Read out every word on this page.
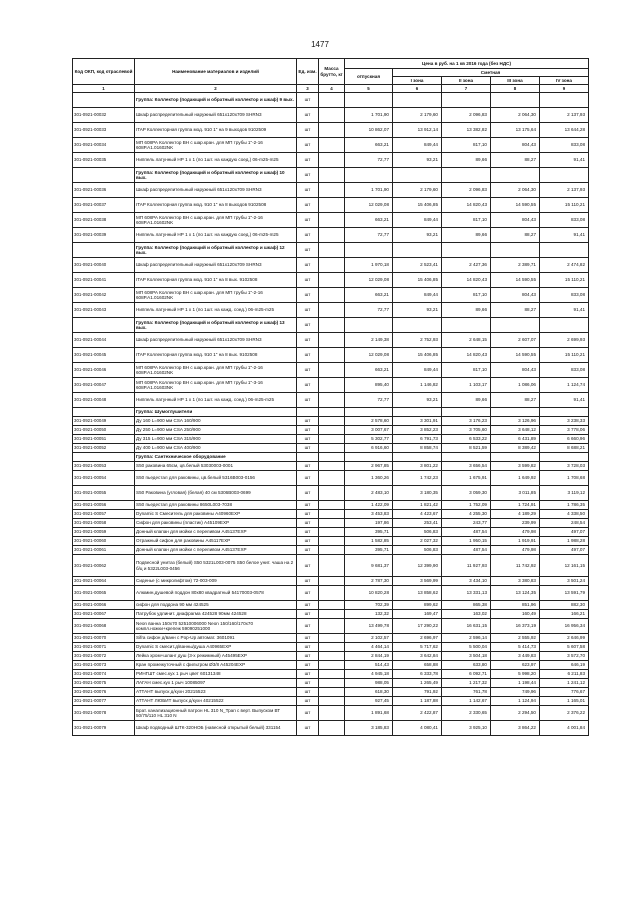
1477
Код ОКП, код отраслевой	Наименование материалов и изделий	Ед. изм.	Масса брутто, кг	Цена в руб. на 1 кв 2016 года (без НДС)				
				отпускная	Сметная			
					I зона	II зона	III зона	IV зона
1	2	3	4	5	6	7	8	9
	Группа: Коллектор (подающий и обратный коллектор и шкаф) 9 вых.	шт						
301-0921-00032	Шкаф распределительный наружный 651х120х709 SHRN3	шт		1 701,90	2 179,60	2 096,83	2 064,30	2 137,93
301-0921-00033	ITAP Коллекторная группа мод. 910 1" на 9 выходов 9102509	шт		10 862,07	13 912,14	13 382,82	13 175,64	13 644,28
301-0921-00034	МП 608РА Коллектор ВН с шар.кран. для МП трубы 1"-2-16 608Р.А1.01602NK	шт		663,21	849,44	817,10	804,43	833,08
301-0921-00035	Ниппель латунный НР 1 х 1 (по 1шт. на каждую соед.) 06-m25-m25	шт		72,77	93,21	89,66	88,27	91,41
	Группа: Коллектор (подающий и обратный коллектор и шкаф) 10 вых.	шт						
301-0921-00036	Шкаф распределительный наружный 651х120х709 SHRN3	шт		1 701,90	2 179,60	2 096,83	2 064,30	2 137,93
301-0921-00037	ITAP Коллекторная группа мод. 910 1" на 8 выходов 9102508	шт		12 029,08	15 406,85	14 820,43	14 590,55	15 110,21
301-0921-00038	МП 608РА Коллектор ВН с шар.кран. для МП трубы 1"-2-16 608Р.А1.01602NK	шт		663,21	849,44	817,10	804,43	833,08
301-0921-00039	Ниппель латунный НР 1 х 1 (по 1шт. на каждую соед.) 06-m25-m25	шт		72,77	93,21	89,66	88,27	91,41
	Группа: Коллектор (подающий и обратный коллектор и шкаф) 12 вых.	шт						
301-0921-00040	Шкаф распределительный наружный 651х120х709 SHRN3	шт		1 970,18	2 523,41	2 427,36	2 389,71	2 474,82
301-0921-00041	ITAP Коллекторная группа мод. 910 1" на 8 вых. 9102508	шт		12 029,08	15 406,85	14 820,43	14 590,55	15 110,21
301-0921-00042	МП 608РА Коллектор ВН с шар.кран. для МП трубы 1"-2-16 608Р.А1.01602NK	шт		663,21	849,44	817,10	804,43	833,08
301-0921-00043	Ниппель латунный НР 1 х 1 (по 1шт. на кажд. соед.) 06-m25-m25	шт		72,77	93,21	89,66	88,27	91,41
	Группа: Коллектор (подающий и обратный коллектор и шкаф) 13 вых.	шт						
301-0921-00044	Шкаф распределительный наружный 651х120х709 SHRN3	шт		2 149,38	2 752,93	2 648,15	2 607,07	2 699,93
301-0921-00045	ITAP Коллекторная группа мод. 910 1" на 8 вых. 9102508	шт		12 029,08	15 406,85	14 820,43	14 590,55	15 110,21
301-0921-00046	МП 608РА Коллектор ВН с шар.кран. для МП трубы 1"-2-16 608Р.А1.01602NK	шт		663,21	849,44	817,10	804,43	833,08
301-0921-00047	МП 608РА Коллектор ВН с шар.кран. для МП трубы 1"-3-16 608Р.А1.01603NK	шт		895,40	1 146,82	1 103,17	1 086,06	1 124,74
301-0921-00048	Ниппель латунный НР 1 х 1 (по 1шт. на кажд. соед.) 06-m25-m25	шт		72,77	93,21	89,66	88,27	91,41
	Группа: Шумоглушители							
301-0921-00049	Ду 160 L=900 мм CSA 160/900	шт		2 578,60	3 301,91	3 176,23	3 126,96	3 238,33
301-0921-00050	Ду 250 L=900 мм CSA 250/900	шт		3 007,67	3 852,23	3 705,60	3 648,12	3 778,06
301-0921-00051	Ду 315 L=900 мм CSA 315/900	шт		5 302,77	6 791,73	6 533,22	6 431,89	6 660,96
301-0921-00052	Ду 400 L=900 мм CSA 400/900	шт		6 916,60	8 858,74	8 521,59	8 389,42	8 688,21
	Группа: Сантехническое оборудование							
301-0921-00053	S50 раковина 65см, цв.белый 53030003-0001	шт		2 967,85	3 801,22	3 656,54	3 599,82	3 728,03
301-0921-00054	S50 пьедестал для раковины, цв.белый 5316В003-0156	шт		1 360,26	1 742,23	1 675,91	1 649,92	1 708,68
301-0921-00055	S50 Раковина (угловая) (белая) 40 см 5306В003-0699	шт		2 483,10	3 180,35	3 059,30	3 011,85	3 119,12
301-0921-00056	S50 пьедестал для раковины 8650L003-7038	шт		1 422,09	1 821,42	1 752,09	1 724,91	1 786,35
301-0921-00057	Dynamic S Смеситель для раковины A40960EXP	шт		3 453,83	4 423,67	4 255,30	4 189,29	4 338,50
301-0921-00058	Сифон для раковины (пластик) A45109EXP	шт		197,86	253,41	243,77	239,99	248,54
301-0921-00059	Донный клапан для мойки с переливом A45137EXP	шт		395,71	506,83	487,54	479,98	497,07
301-0921-00060	Отражный сифон для раковины A45117EXP	шт		1 582,85	2 027,32	1 950,15	1 919,91	1 988,28
301-0921-00061	Донный клапан для мойки с переливом A45137EXP	шт		395,71	506,83	487,54	479,98	497,07
301-0921-00062	Подвесной унитаз (белый) S50 5321L003-0075 S50 белое унит. чаша на 2 б/ц и 5322L003-0456	шт		9 681,37	12 399,90	11 927,93	11 742,92	12 161,15
301-0921-00064	Сиденье (с микролифтом) 72-003-009	шт		2 787,30	3 569,99	3 434,10	3 380,83	3 501,24
301-0921-00065	Алюмин.душевой поддон 80х80 квадратный 54170003-0578	шт		10 820,28	13 858,62	13 331,13	13 124,35	13 591,79
301-0921-00066	сифон для поддона 90 мм 424525	шт		702,39	899,62	865,38	851,96	882,30
301-0921-00067	Патрубок удлинит. диафрагма 424528 90мм 424528	шт		132,32	169,47	163,02	160,49	166,21
301-0921-00068	Neon ванна 150х70 52510006000 Neon 150/160/170х70 компл.ножки+крепеж 59090251000	шт		13 499,78	17 290,22	16 631,15	16 373,19	16 956,34
301-0921-00070	Sifra сифон д/ванн с Pop-Up автомат. 3601091	шт		2 102,57	2 696,97	2 596,14	2 555,92	2 646,99
301-0921-00071	Dynamic S смесит.д/ванны/душа A40965EXP	шт		4 464,14	5 717,62	5 500,04	5 414,73	5 607,58
301-0921-00072	Лейка хром+шланг душ (3-х режимный) A45495EXP	шт		2 844,19	3 642,84	3 504,18	3 449,83	3 572,70
301-0921-00073	Кран промежуточный с фильтром Ø3/8 A45204EXP	шт		514,43	658,88	633,80	623,97	646,19
301-0921-00074	РИНГШТ смес.кух 1 рыч цвет 60131348	шт		4 945,18	6 333,78	6 092,71	5 998,20	6 211,83
301-0921-00075	ЛАГАН смес.кух 1 рыч 10085097	шт		988,05	1 265,49	1 217,32	1 198,44	1 241,12
301-0921-00076	АТТАНТ выпуск д/кухн 20215523	шт		618,30	791,92	761,78	749,96	776,67
301-0921-00077	АТТАНТ ЛЮБИТ выпуск д/кухн 40215522	шт		927,45	1 187,88	1 142,67	1 124,94	1 165,01
301-0921-00078	Брат. канализационный патрон НL 310 N_Трап с верт. Выпуском ВТ 50/75/110 НL 310 N	шт		1 891,68	2 422,87	2 330,65	2 294,50	2 376,22
301-0921-00079	Шкаф подводный ШТК-320НОБ (навесной открытый белый) 331154	шт		3 185,83	4 080,41	3 925,10	3 864,22	4 001,84
